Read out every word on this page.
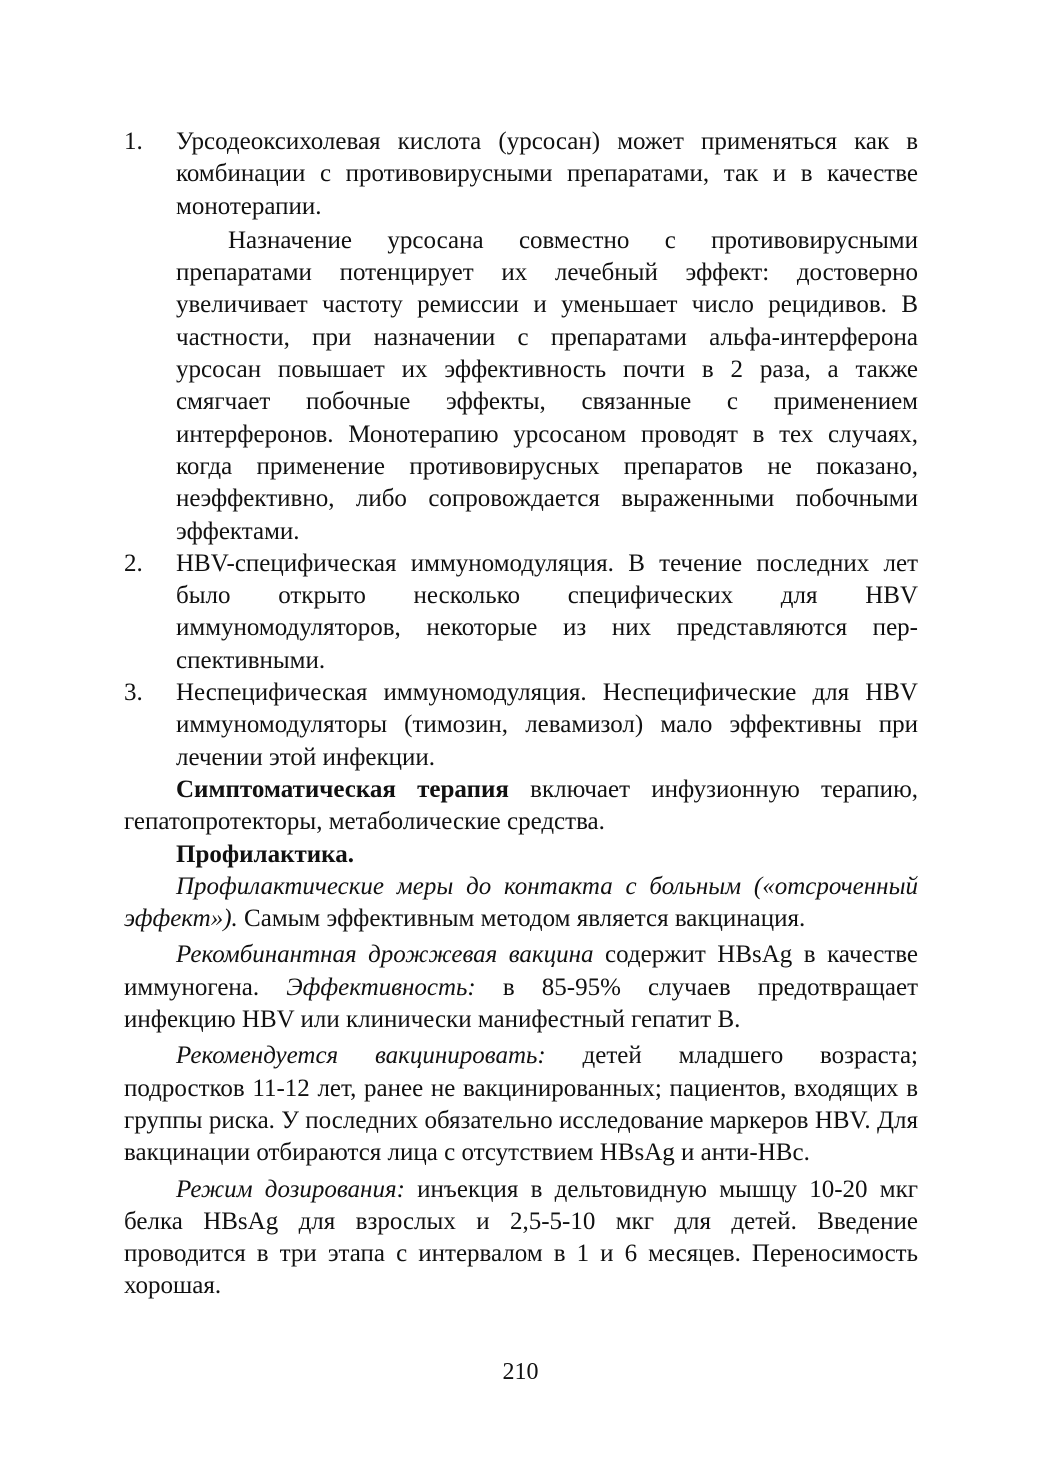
1. Урсодеоксихолевая кислота (урсосан) может применяться как в комбинации с противовирусными препаратами, так и в качестве монотерапии.
Назначение урсосана совместно с противовирусными препаратами потенцирует их лечебный эффект: достоверно увеличивает частоту ремиссии и уменьшает число рецидивов. В частности, при назначении с препаратами альфа-интерферона урсосан повышает их эффективность почти в 2 раза, а также смягчает побочные эффекты, связанные с применением интерферонов. Монотерапию урсосаном проводят в тех случаях, когда применение противовирусных препаратов не показано, неэффективно, либо сопровождается выраженными побочными эффектами.
2. HBV-специфическая иммуномодуляция. В течение последних лет было открыто несколько специфических для HBV иммуномодуляторов, некоторые из них представляются перспективными.
3. Неспецифическая иммуномодуляция. Неспецифические для HBV иммуномодуляторы (тимозин, левамизол) мало эффективны при лечении этой инфекции.

Симптоматическая терапия включает инфузионную терапию, гепатопротекторы, метаболические средства.

Профилактика.

Профилактические меры до контакта с больным («отсроченный эффект»). Самым эффективным методом является вакцинация.

Рекомбинантная дрожжевая вакцина содержит HBsAg в качестве иммуногена. Эффективность: в 85-95% случаев предотвращает инфекцию HBV или клинически манифестный гепатит В.

Рекомендуется вакцинировать: детей младшего возраста; подростков 11-12 лет, ранее не вакцинированных; пациентов, входящих в группы риска. У последних обязательно исследование маркеров HBV. Для вакцинации отбираются лица с отсутствием HBsAg и анти-HBc.

Режим дозирования: инъекция в дельтовидную мышцу 10-20 мкг белка HBsAg для взрослых и 2,5-5-10 мкг для детей. Введение проводится в три этапа с интервалом в 1 и 6 месяцев. Переносимость хорошая.

210
